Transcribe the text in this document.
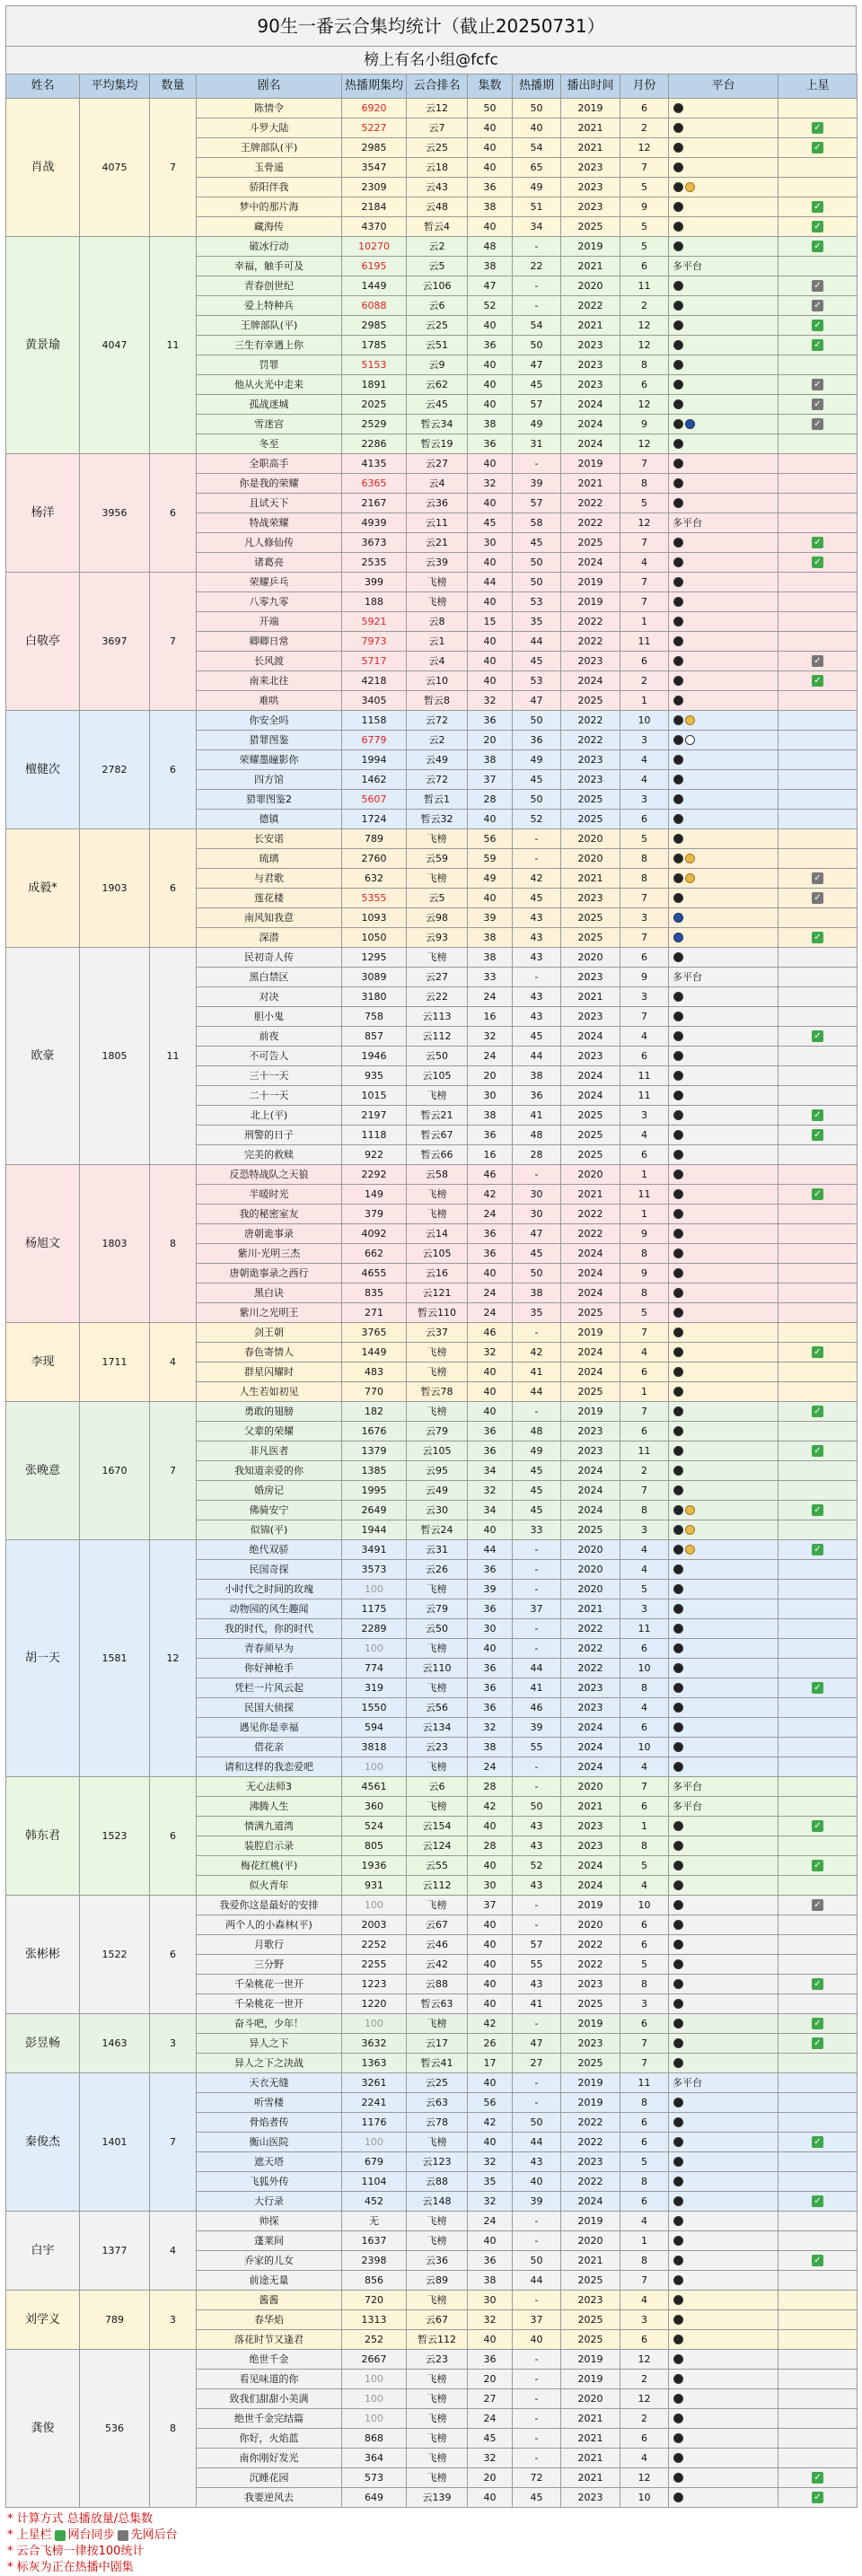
90生一番云合集均统计（截止20250731）
榜上有名小组@fcfc
姓名	平均集均	数量	剧名	热播期集均	云合排名	集数	热播期	播出时间	月份	平台	上星
肖战	4075	7	陈情令	6920	云12	50	50	2019	6		
			斗罗大陆	5227	云7	40	40	2021	2		✓
			王牌部队(平)	2985	云25	40	54	2021	12		✓
			玉骨遥	3547	云18	40	65	2023	7		
			骄阳伴我	2309	云43	36	49	2023	5		
			梦中的那片海	2184	云48	38	51	2023	9		✓
			藏海传	4370	暂云4	40	34	2025	5		✓
黄景瑜	4047	11	破冰行动	10270	云2	48	-	2019	5		✓
			幸福，触手可及	6195	云5	38	22	2021	6	多平台	
			青春创世纪	1449	云106	47	-	2020	11		✓
			爱上特种兵	6088	云6	52	-	2022	2		✓
			王牌部队(平)	2985	云25	40	54	2021	12		✓
			三生有幸遇上你	1785	云51	36	50	2023	12		✓
			罚罪	5153	云9	40	47	2023	8		
			他从火光中走来	1891	云62	40	45	2023	6		✓
			孤战迷城	2025	云45	40	57	2024	12		✓
			雪迷宫	2529	暂云34	38	49	2024	9		✓
			冬至	2286	暂云19	36	31	2024	12		
杨洋	3956	6	全职高手	4135	云27	40	-	2019	7		
			你是我的荣耀	6365	云4	32	39	2021	8		
			且试天下	2167	云36	40	57	2022	5		
			特战荣耀	4939	云11	45	58	2022	12	多平台	
			凡人修仙传	3673	云21	30	45	2025	7		✓
			诸葛亮	2535	云39	40	50	2024	4		✓
白敬亭	3697	7	荣耀乒乓	399	飞榜	44	50	2019	7		
			八零九零	188	飞榜	40	53	2019	7		
			开端	5921	云8	15	35	2022	1		
			卿卿日常	7973	云1	40	44	2022	11		
			长风渡	5717	云4	40	45	2023	6		✓
			南来北往	4218	云10	40	53	2024	2		✓
			难哄	3405	暂云8	32	47	2025	1		
檀健次	2782	6	你安全吗	1158	云72	36	50	2022	10		
			猎罪图鉴	6779	云2	20	36	2022	3		
			荣耀墨瞳影你	1994	云49	38	49	2023	4		
			四方馆	1462	云72	37	45	2023	4		
			猎罪图鉴2	5607	暂云1	28	50	2025	3		
			德镇	1724	暂云32	40	52	2025	6		
成毅*	1903	6	长安诺	789	飞榜	56	-	2020	5		
			琉璃	2760	云59	59	-	2020	8		
			与君歌	632	飞榜	49	42	2021	8		✓
			莲花楼	5355	云5	40	45	2023	7		✓
			南风知我意	1093	云98	39	43	2025	3		
			深潜	1050	云93	38	43	2025	7		✓
欧豪	1805	11	民初奇人传	1295	飞榜	38	43	2020	6		
			黑白禁区	3089	云27	33	-	2023	9	多平台	
			对决	3180	云22	24	43	2021	3		
			胆小鬼	758	云113	16	43	2023	7		
			前夜	857	云112	32	45	2024	4		✓
			不可告人	1946	云50	24	44	2023	6		
			三十一天	935	云105	20	38	2024	11		
			二十一天	1015	飞榜	30	36	2024	11		
			北上(平)	2197	暂云21	38	41	2025	3		✓
			刑警的日子	1118	暂云67	36	48	2025	4		✓
			完美的救赎	922	暂云66	16	28	2025	6		
杨旭文	1803	8	反恐特战队之天狼	2292	云58	46	-	2020	1		
			半暖时光	149	飞榜	42	30	2021	11		✓
			我的秘密室友	379	飞榜	24	30	2022	1		
			唐朝诡事录	4092	云14	36	47	2022	9		
			紫川·光明三杰	662	云105	36	45	2024	8		
			唐朝诡事录之西行	4655	云16	40	50	2024	9		
			黑白诀	835	云121	24	38	2024	8		
			紫川之光明王	271	暂云110	24	35	2025	5		
李现	1711	4	剑王朝	3765	云37	46	-	2019	7		
			春色寄情人	1449	飞榜	32	42	2024	4		✓
			群星闪耀时	483	飞榜	40	41	2024	6		
			人生若如初见	770	暂云78	40	44	2025	1		
张晚意	1670	7	勇敢的翅膀	182	飞榜	40	-	2019	7		✓
			父辈的荣耀	1676	云79	36	48	2023	6		
			非凡医者	1379	云105	36	49	2023	11		✓
			我知道亲爱的你	1385	云95	34	45	2024	2		
			婚房记	1995	云49	32	45	2024	7		
			佛骑安宁	2649	云30	34	45	2024	8		✓
			似锦(平)	1944	暂云24	40	33	2025	3		
胡一天	1581	12	绝代双骄	3491	云31	44	-	2020	4		✓
			民国奇探	3573	云26	36	-	2020	4		
			小时代之时间的玫瑰	100	飞榜	39	-	2020	5		
			动物园的风生趣闻	1175	云79	36	37	2021	3		
			我的时代，你的时代	2289	云50	30	-	2022	11		
			青春须早为	100	飞榜	40	-	2022	6		
			你好神枪手	774	云110	36	44	2022	10		
			凭栏一片风云起	319	飞榜	36	41	2023	8		✓
			民国大侦探	1550	云56	36	46	2023	4		
			遇见你是幸福	594	云134	32	39	2024	6		
			借花亲	3818	云23	38	55	2024	10		
			请和这样的我恋爱吧	100	飞榜	24	-	2024	4		
韩东君	1523	6	无心法师3	4561	云6	28	-	2020	7	多平台	
			沸腾人生	360	飞榜	42	50	2021	6	多平台	
			情满九道湾	524	云154	40	43	2023	1		✓
			装腔启示录	805	云124	28	43	2023	8		
			梅花红桃(平)	1936	云55	40	52	2024	5		✓
			似火青年	931	云112	30	43	2024	4		
张彬彬	1522	6	我爱你这是最好的安排	100	飞榜	37	-	2019	10		✓
			两个人的小森林(平)	2003	云67	40	-	2020	6		
			月歌行	2252	云46	40	57	2022	6		
			三分野	2255	云42	40	55	2022	5		
			千朵桃花一世开	1223	云88	40	43	2023	8		✓
			千朵桃花一世开	1220	暂云63	40	41	2025	3		
彭昱畅	1463	3	奋斗吧，少年！	100	飞榜	42	-	2019	6		✓
			异人之下	3632	云17	26	47	2023	7		✓
			异人之下之决战	1363	暂云41	17	27	2025	7		
秦俊杰	1401	7	天衣无缝	3261	云25	40	-	2019	11	多平台	
			听雪楼	2241	云63	56	-	2019	8		
			骨焰者传	1176	云78	42	50	2022	6		
			衡山医院	100	飞榜	40	44	2022	6		✓
			遮天塔	679	云123	32	43	2023	5		
			飞狐外传	1104	云88	35	40	2022	8		
			大行录	452	云148	32	39	2024	6		✓
白宇	1377	4	帅探	无	飞榜	24	-	2019	4		
			蓬莱间	1637	飞榜	40	-	2020	1		
			乔家的儿女	2398	云36	36	50	2021	8		✓
			前途无量	856	云89	38	44	2025	7		
刘学义	789	3	酱酱	720	飞榜	30	-	2023	4		
			春华焰	1313	云67	32	37	2025	3		
			落花时节又逢君	252	暂云112	40	40	2025	6		
龚俊	536	8	绝世千金	2667	云23	36	-	2019	12		
			看见味道的你	100	飞榜	20	-	2019	2		
			致我们甜甜小美满	100	飞榜	27	-	2020	12		
			绝世千金完结篇	100	飞榜	24	-	2021	2		
			你好，火焰蓝	868	飞榜	45	-	2021	6		
			南你刚好发光	364	飞榜	32	-	2021	4		
			沉睡花园	573	飞榜	20	72	2021	12		✓
			我要逆风去	649	云139	40	45	2023	10		✓
* 计算方式 总播放量/总集数
* 上星栏 网台同步 先网后台
* 云合飞榜一律按100统计
* 标灰为正在热播中剧集
